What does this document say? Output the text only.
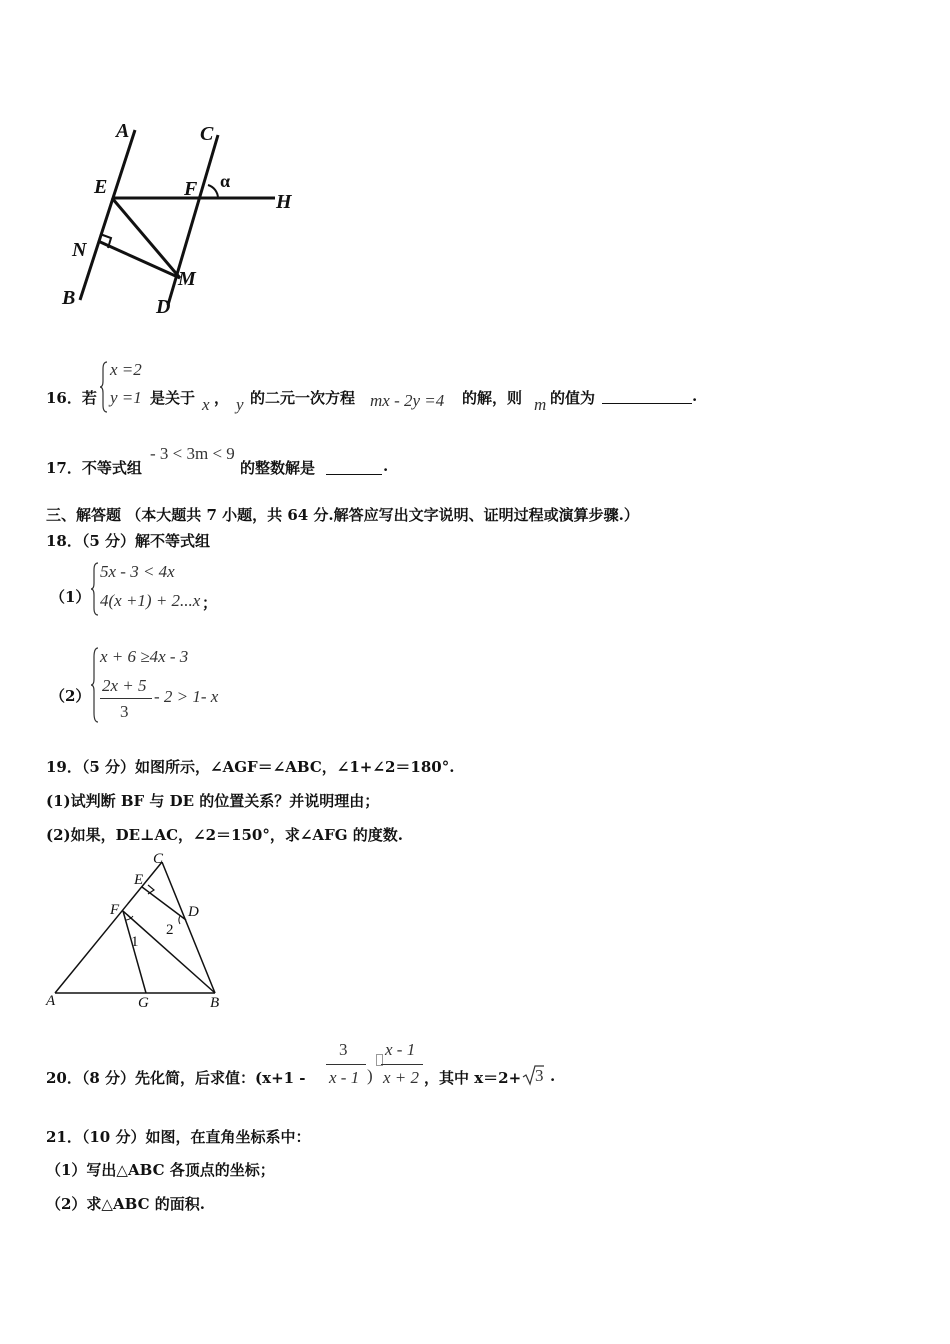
A	C
E	F α
H
N
M
B	D
16．若
x =2
y =1 是关于 x ， y 的二元一次方程 mx - 2y =4 的解，则 m 的值为	.
17．不等式组
- 3 < 3m < 9
的整数解是	.
三、解答题 （本大题共 7 小题，共 64 分.解答应写出文字说明、证明过程或演算步骤.）
18．（5 分）解不等式组
（1）
5x - 3 < 4x
4(x +1) + 2...x ；
（2）
x + 6 ≥4x - 3
2x + 5
3
- 2 > 1- x
19．（5 分）如图所示，∠AGF＝∠ABC，∠1+∠2＝180°.
(1)试判断 BF 与 DE 的位置关系？并说明理由；
(2)如果，DE⊥AC，∠2＝150°，求∠AFG 的度数.
C
E
F	D
2
1
A	G	B
20．（8 分）先化简，后求值：(x+1 -
3
x - 1 )
x - 1
x + 2 ，其中 x＝2+ 3 .
21．（10 分）如图，在直角坐标系中：
（1）写出△ABC 各顶点的坐标；
（2）求△ABC 的面积.
